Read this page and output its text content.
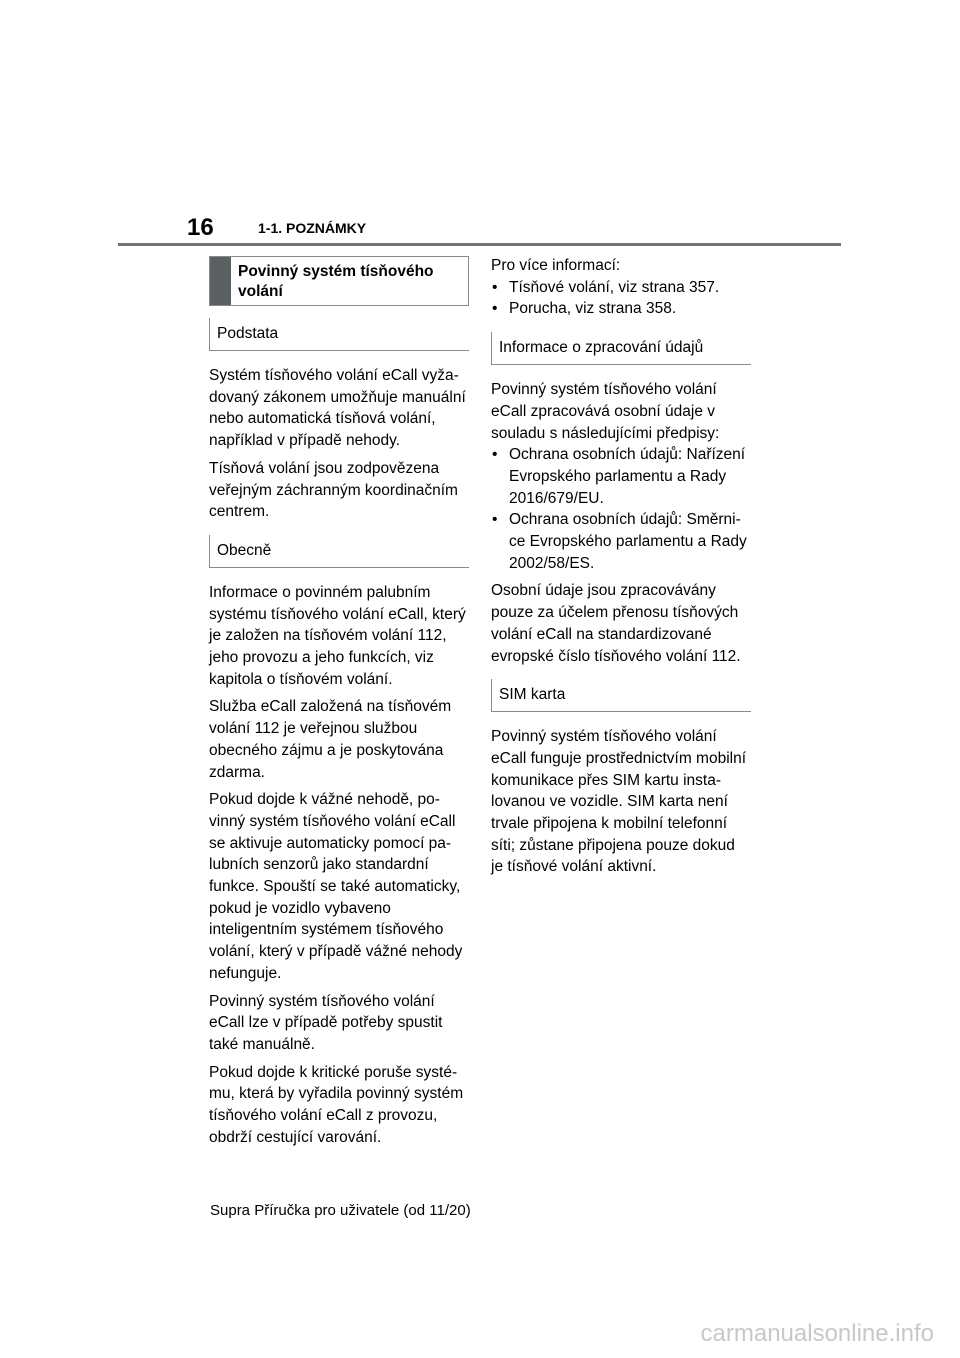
16	1-1. POZNÁMKY
Povinný systém tísňového volání
Podstata

Systém tísňového volání eCall vyžadovaný zákonem umožňuje manuální nebo automatická tísňová volání, například v případě nehody.

Tísňová volání jsou zodpovězena veřejným záchranným koordinačním centrem.

Obecně

Informace o povinném palubním systému tísňového volání eCall, který je založen na tísňovém volání 112, jeho provozu a jeho funkcích, viz kapitola o tísňovém volání.

Služba eCall založená na tísňovém volání 112 je veřejnou službou obecného zájmu a je poskytována zdarma.

Pokud dojde k vážné nehodě, povinný systém tísňového volání eCall se aktivuje automaticky pomocí palubních senzorů jako standardní funkce. Spouští se také automaticky, pokud je vozidlo vybaveno inteligentním systémem tísňového volání, který v případě vážné nehody nefunguje.

Povinný systém tísňového volání eCall lze v případě potřeby spustit také manuálně.

Pokud dojde k kritické poruše systému, která by vyřadila povinný systém tísňového volání eCall z provozu, obdrží cestující varování.

Pro více informací:

• Tísňové volání, viz strana 357.
• Porucha, viz strana 358.
Informace o zpracování údajů

Povinný systém tísňového volání eCall zpracovává osobní údaje v souladu s následujícími předpisy:

• Ochrana osobních údajů: Nařízení Evropského parlamentu a Rady 2016/679/EU.
• Ochrana osobních údajů: Směrnice Evropského parlamentu a Rady 2002/58/ES.

Osobní údaje jsou zpracovávány pouze za účelem přenosu tísňových volání eCall na standardizované evropské číslo tísňového volání 112.

SIM karta

Povinný systém tísňového volání eCall funguje prostřednictvím mobilní komunikace přes SIM kartu instalovanou ve vozidle. SIM karta není trvale připojena k mobilní telefonní síti; zůstane připojena pouze dokud je tísňové volání aktivní.

Supra Příručka pro uživatele (od 11/20)
carmanualsonline.info
